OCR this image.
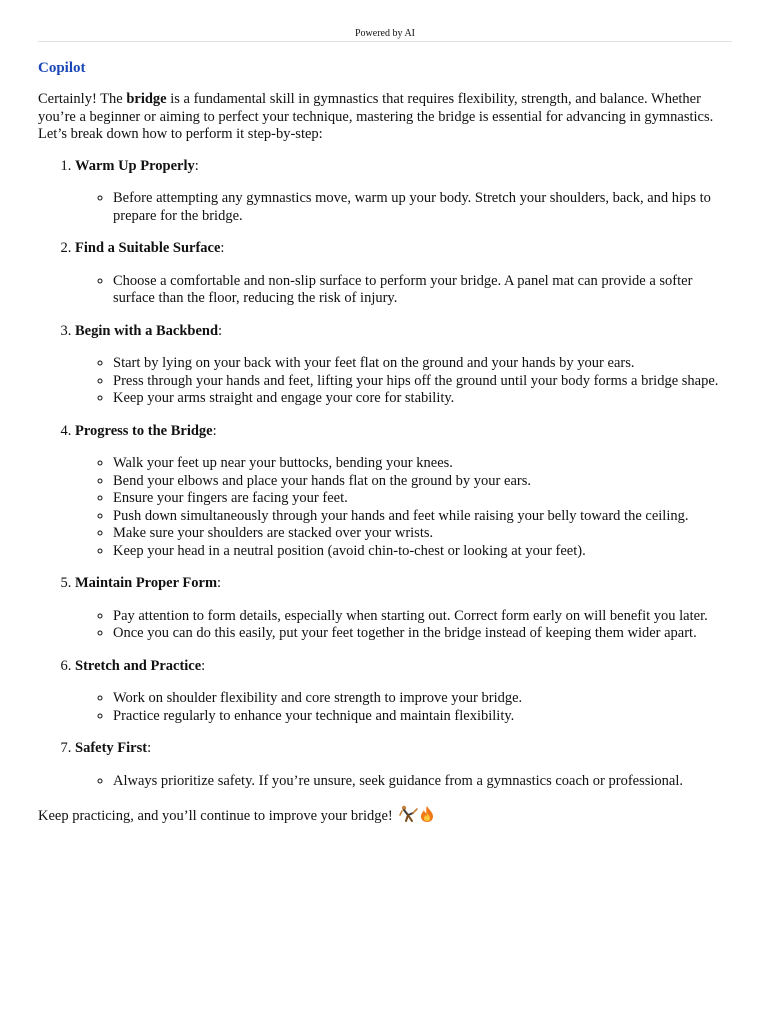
Powered by AI
Copilot
Certainly! The bridge is a fundamental skill in gymnastics that requires flexibility, strength, and balance. Whether you’re a beginner or aiming to perfect your technique, mastering the bridge is essential for advancing in gymnastics. Let’s break down how to perform it step-by-step:
1. Warm Up Properly:
◦ Before attempting any gymnastics move, warm up your body. Stretch your shoulders, back, and hips to prepare for the bridge.
2. Find a Suitable Surface:
◦ Choose a comfortable and non-slip surface to perform your bridge. A panel mat can provide a softer surface than the floor, reducing the risk of injury.
3. Begin with a Backbend:
◦ Start by lying on your back with your feet flat on the ground and your hands by your ears.
◦ Press through your hands and feet, lifting your hips off the ground until your body forms a bridge shape.
◦ Keep your arms straight and engage your core for stability.
4. Progress to the Bridge:
◦ Walk your feet up near your buttocks, bending your knees.
◦ Bend your elbows and place your hands flat on the ground by your ears.
◦ Ensure your fingers are facing your feet.
◦ Push down simultaneously through your hands and feet while raising your belly toward the ceiling.
◦ Make sure your shoulders are stacked over your wrists.
◦ Keep your head in a neutral position (avoid chin-to-chest or looking at your feet).
5. Maintain Proper Form:
◦ Pay attention to form details, especially when starting out. Correct form early on will benefit you later.
◦ Once you can do this easily, put your feet together in the bridge instead of keeping them wider apart.
6. Stretch and Practice:
◦ Work on shoulder flexibility and core strength to improve your bridge.
◦ Practice regularly to enhance your technique and maintain flexibility.
7. Safety First:
◦ Always prioritize safety. If you’re unsure, seek guidance from a gymnastics coach or professional.
Keep practicing, and you’ll continue to improve your bridge!
